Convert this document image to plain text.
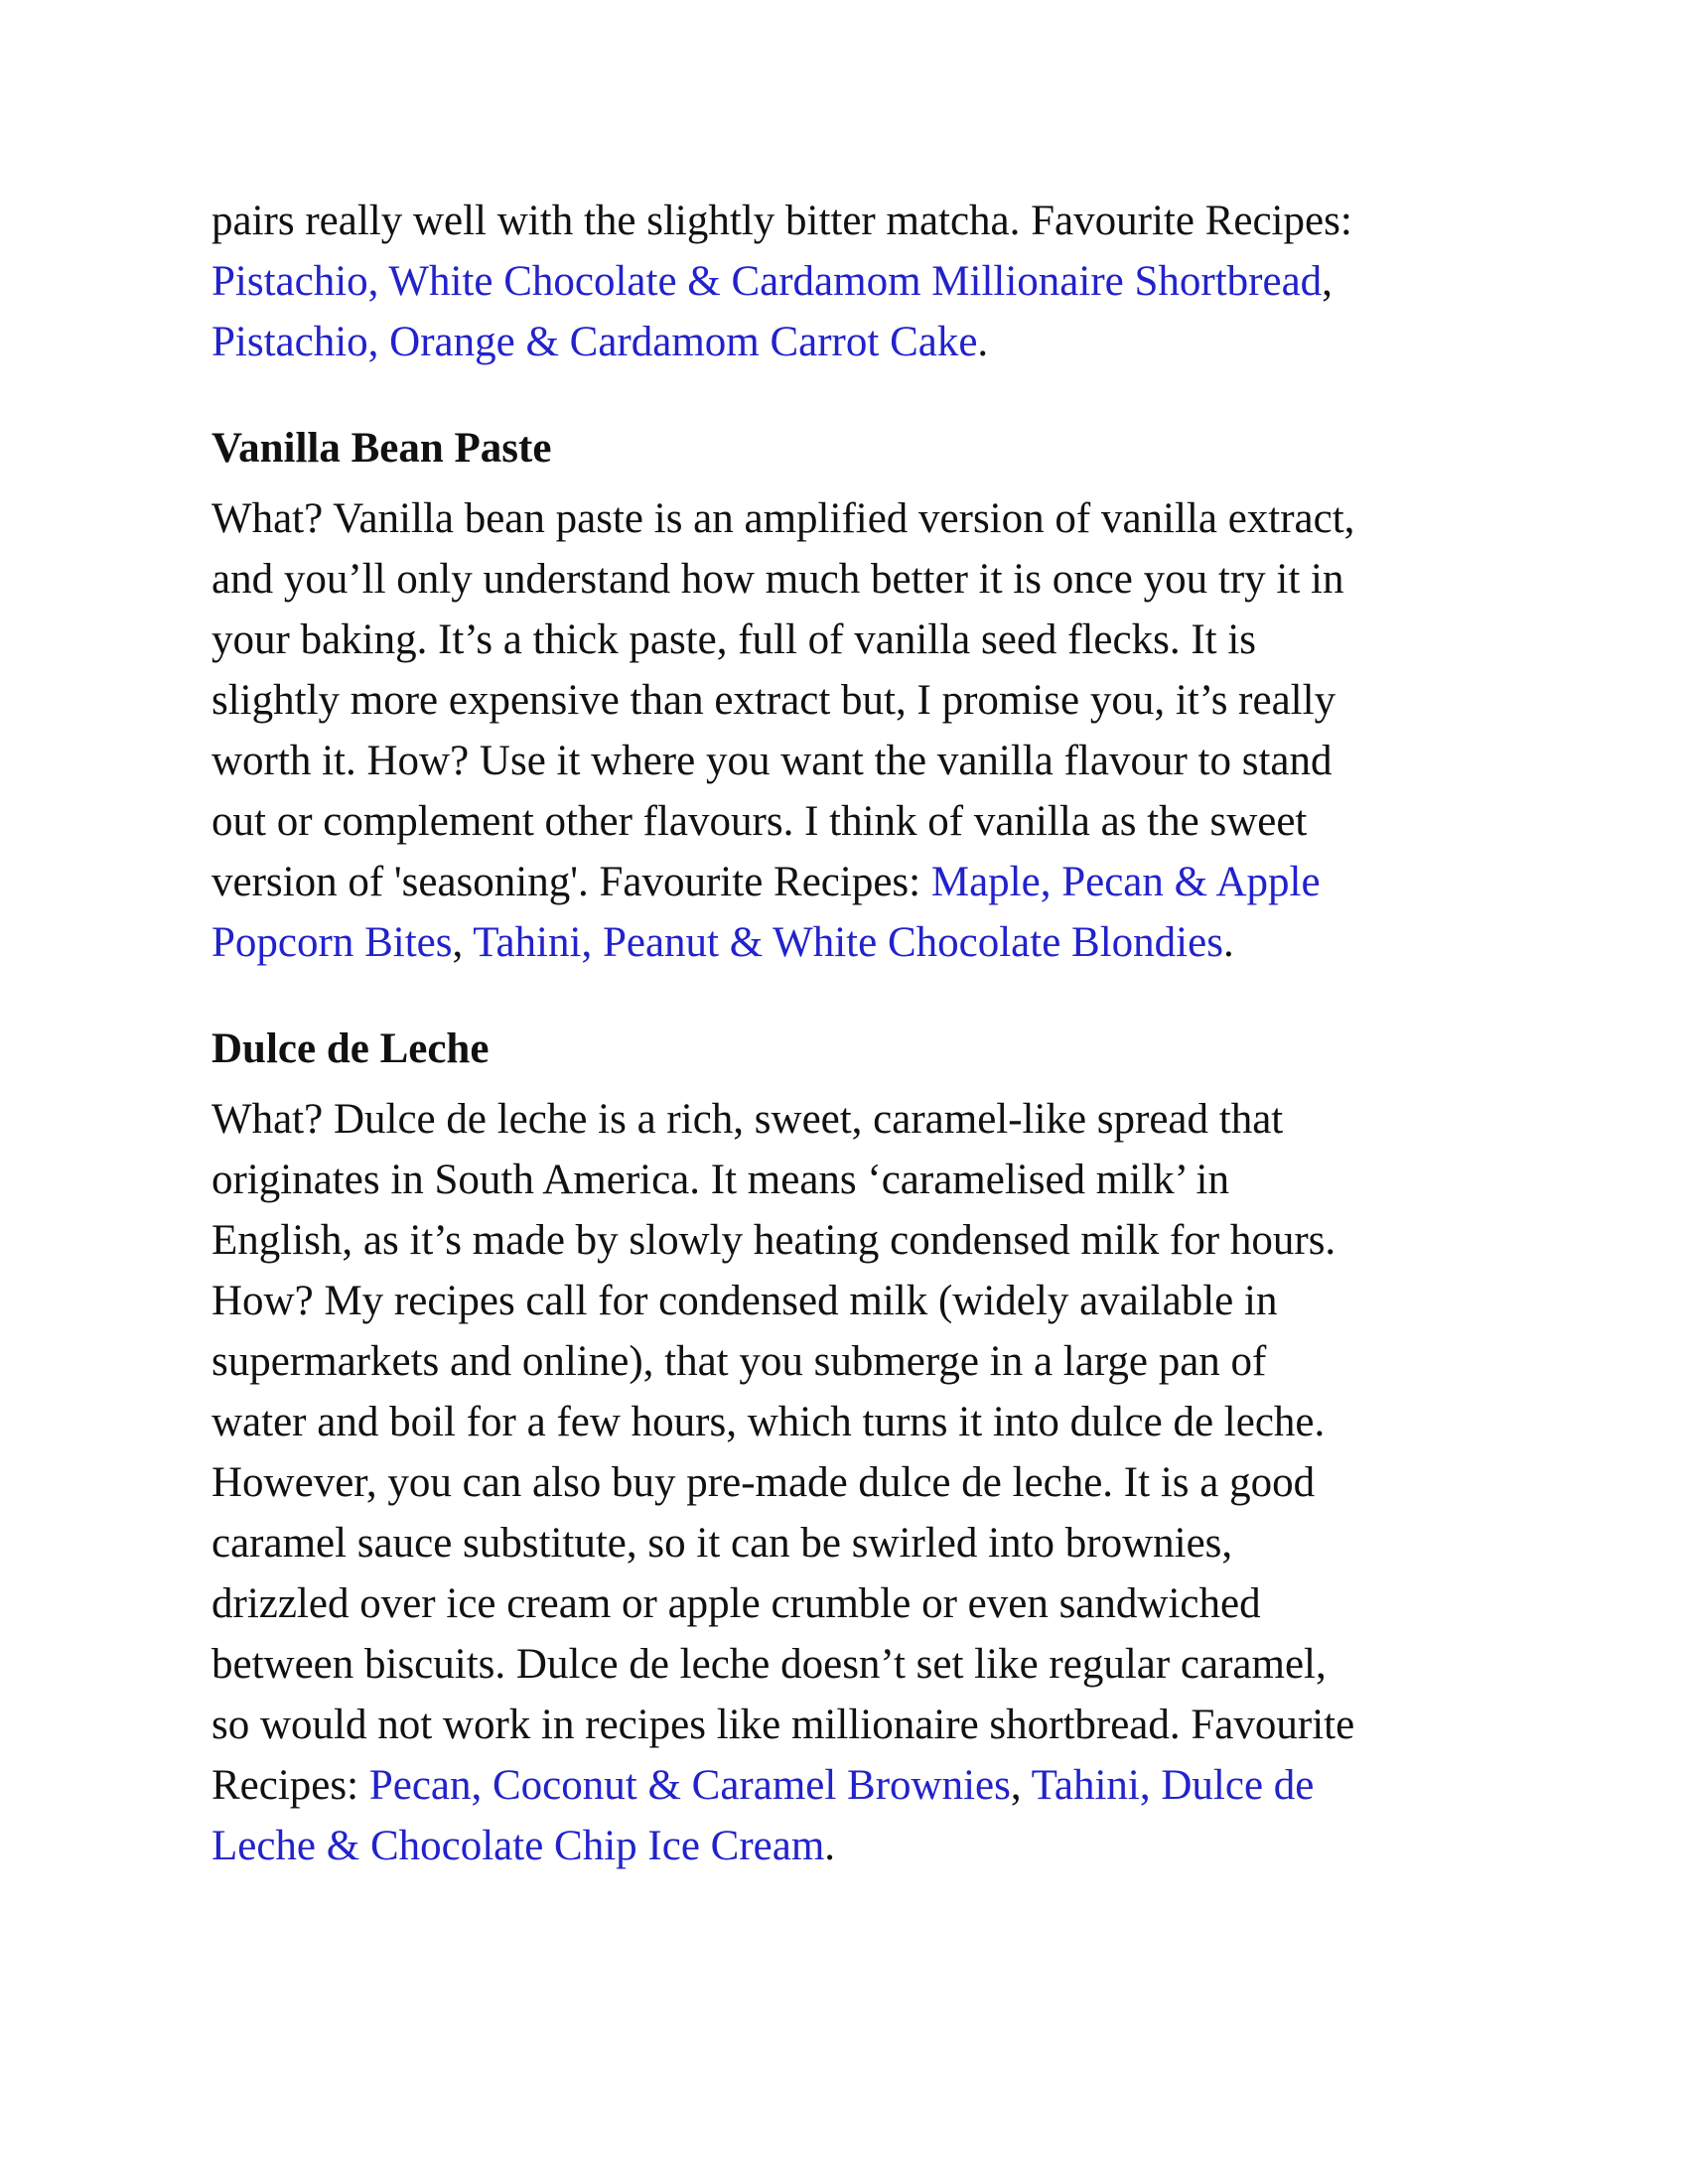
pairs really well with the slightly bitter matcha. Favourite Recipes:
Pistachio, White Chocolate & Cardamom Millionaire Shortbread,
Pistachio, Orange & Cardamom Carrot Cake.

Vanilla Bean Paste

What? Vanilla bean paste is an amplified version of vanilla extract,
and you’ll only understand how much better it is once you try it in
your baking. It’s a thick paste, full of vanilla seed flecks. It is
slightly more expensive than extract but, I promise you, it’s really
worth it. How? Use it where you want the vanilla flavour to stand
out or complement other flavours. I think of vanilla as the sweet
version of 'seasoning'. Favourite Recipes: Maple, Pecan & Apple
Popcorn Bites, Tahini, Peanut & White Chocolate Blondies.

Dulce de Leche

What? Dulce de leche is a rich, sweet, caramel-like spread that
originates in South America. It means ‘caramelised milk’ in
English, as it’s made by slowly heating condensed milk for hours.
How? My recipes call for condensed milk (widely available in
supermarkets and online), that you submerge in a large pan of
water and boil for a few hours, which turns it into dulce de leche.
However, you can also buy pre-made dulce de leche. It is a good
caramel sauce substitute, so it can be swirled into brownies,
drizzled over ice cream or apple crumble or even sandwiched
between biscuits. Dulce de leche doesn’t set like regular caramel,
so would not work in recipes like millionaire shortbread. Favourite
Recipes: Pecan, Coconut & Caramel Brownies, Tahini, Dulce de
Leche & Chocolate Chip Ice Cream.
